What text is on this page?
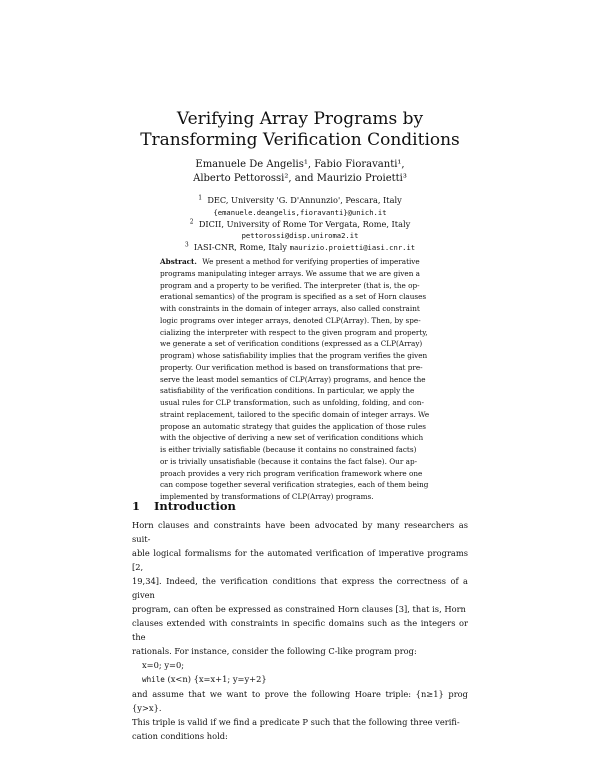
Verifying Array Programs by
Transforming Verification Conditions
Emanuele De Angelis¹, Fabio Fioravanti¹,
Alberto Pettorossi², and Maurizio Proietti³
$^1$ DEC, University 'G. D'Annunzio', Pescara, Italy
{emanuele.deangelis,fioravanti}@unich.it
$^2$ DICII, University of Rome Tor Vergata, Rome, Italy
pettorossi@disp.uniroma2.it
$^3$ IASI-CNR, Rome, Italy maurizio.proietti@iasi.cnr.it
Abstract. We present a method for verifying properties of imperative
programs manipulating integer arrays. We assume that we are given a
program and a property to be verified. The interpreter (that is, the op-
erational semantics) of the program is specified as a set of Horn clauses
with constraints in the domain of integer arrays, also called constraint
logic programs over integer arrays, denoted CLP(Array). Then, by spe-
cializing the interpreter with respect to the given program and property,
we generate a set of verification conditions (expressed as a CLP(Array)
program) whose satisfiability implies that the program verifies the given
property. Our verification method is based on transformations that pre-
serve the least model semantics of CLP(Array) programs, and hence the
satisfiability of the verification conditions. In particular, we apply the
usual rules for CLP transformation, such as unfolding, folding, and con-
straint replacement, tailored to the specific domain of integer arrays. We
propose an automatic strategy that guides the application of those rules
with the objective of deriving a new set of verification conditions which
is either trivially satisfiable (because it contains no constrained facts)
or is trivially unsatisfiable (because it contains the fact false). Our ap-
proach provides a very rich program verification framework where one
can compose together several verification strategies, each of them being
implemented by transformations of CLP(Array) programs.
1 Introduction
Horn clauses and constraints have been advocated by many researchers as suit-
able logical formalisms for the automated verification of imperative programs [2,
19,34]. Indeed, the verification conditions that express the correctness of a given
program, can often be expressed as constrained Horn clauses [3], that is, Horn
clauses extended with constraints in specific domains such as the integers or the
rationals. For instance, consider the following C-like program prog:
x=0; y=0;
while (x<n) {x=x+1; y=y+2}
and assume that we want to prove the following Hoare triple: {n≥1} prog {y>x}.
This triple is valid if we find a predicate P such that the following three verifi-
cation conditions hold:
